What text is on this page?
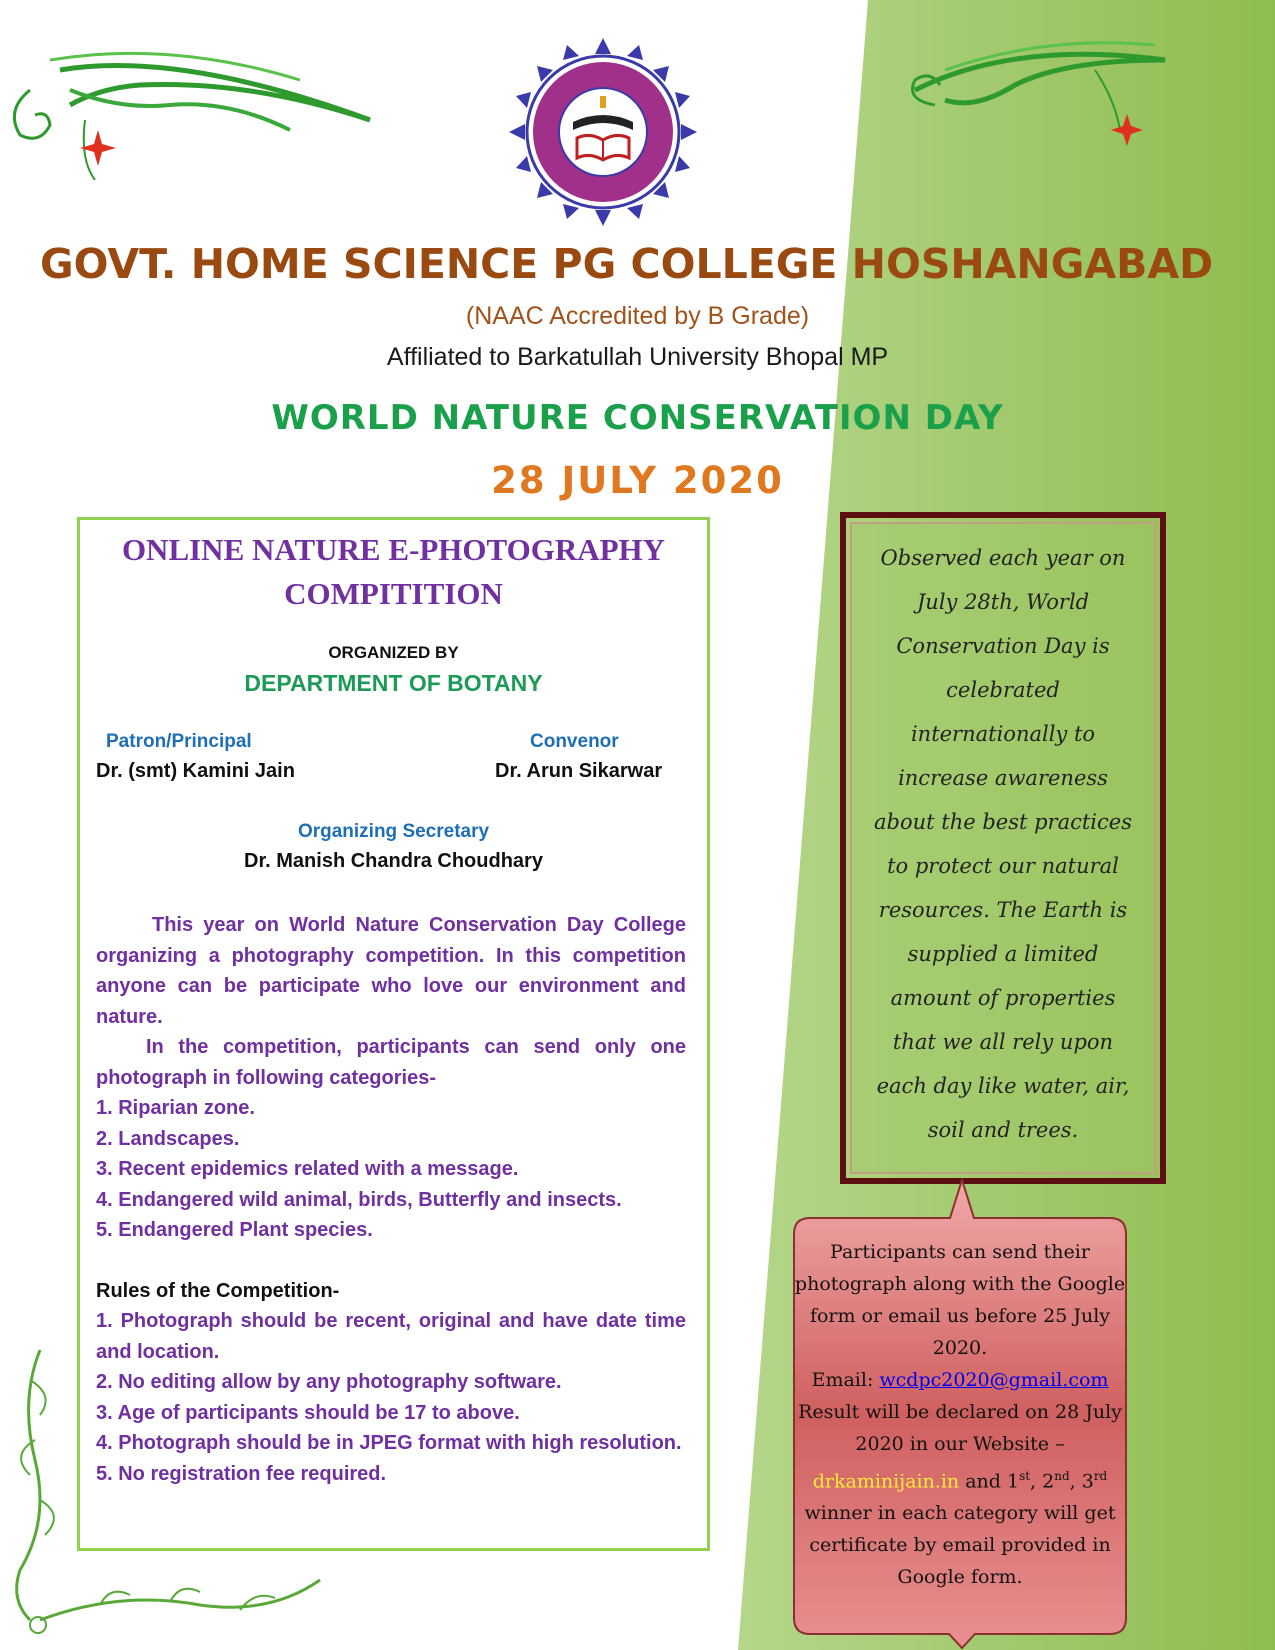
GOVT. HOME SCIENCE PG COLLEGE HOSHANGABAD
(NAAC Accredited by B Grade)
Affiliated to Barkatullah University Bhopal MP
WORLD NATURE CONSERVATION DAY
28 JULY 2020
ONLINE NATURE E-PHOTOGRAPHY COMPITITION
ORGANIZED BY
DEPARTMENT OF BOTANY
Patron/Principal
Dr. (smt) Kamini Jain
Convenor
Dr. Arun Sikarwar
Organizing Secretary
Dr. Manish Chandra Choudhary

This year on World Nature Conservation Day College organizing a photography competition. In this competition anyone can be participate who love our environment and nature.

In the competition, participants can send only one photograph in following categories-

1. Riparian zone.

2. Landscapes.

3. Recent epidemics related with a message.

4. Endangered wild animal, birds, Butterfly and insects.

5. Endangered Plant species.

Rules of the Competition-

1. Photograph should be recent, original and have date time and location.

2. No editing allow by any photography software.

3. Age of participants should be 17 to above.

4. Photograph should be in JPEG format with high resolution.

5. No registration fee required.

Observed each year on July 28th, World Conservation Day is celebrated internationally to increase awareness about the best practices to protect our natural resources. The Earth is supplied a limited amount of properties that we all rely upon each day like water, air, soil and trees.
Participants can send their photograph along with the Google form or email us before 25 July 2020.
Email: wcdpc2020@gmail.com
Result will be declared on 28 July 2020 in our Website – drkaminijain.in and 1st, 2nd, 3rd winner in each category will get certificate by email provided in Google form.
